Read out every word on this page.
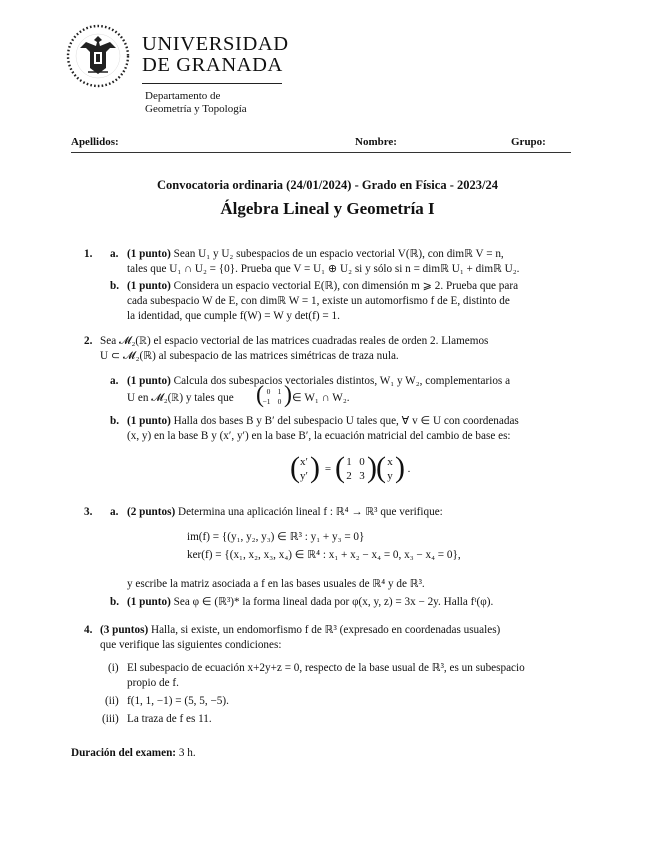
UNIVERSIDAD
DE GRANADA
Departamento de
Geometría y Topología
Apellidos:	Nombre:	Grupo:
Convocatoria ordinaria (24/01/2024) - Grado en Física - 2023/24
Álgebra Lineal y Geometría I
1. a. (1 punto) Sean U₁ y U₂ subespacios de un espacio vectorial V(ℝ), con dimℝ V = n,
tales que U₁ ∩ U₂ = {0}. Prueba que V = U₁ ⊕ U₂ si y sólo si n = dimℝ U₁ + dimℝ U₂.
b. (1 punto) Considera un espacio vectorial E(ℝ), con dimensión m ⩾ 2. Prueba que para
cada subespacio W de E, con dimℝ W = 1, existe un automorfismo f de E, distinto de
la identidad, que cumple f(W) = W y det(f) = 1.
2. Sea 𝓜₂(ℝ) el espacio vectorial de las matrices cuadradas reales de orden 2. Llamemos
U ⊂ 𝓜₂(ℝ) al subespacio de las matrices simétricas de traza nula.
a. (1 punto) Calcula dos subespacios vectoriales distintos, W₁ y W₂, complementarios a
U en 𝓜₂(ℝ) y tales que ( 0 1
−1 0 ) ∈ W₁ ∩ W₂.
b. (1 punto) Halla dos bases B y B′ del subespacio U tales que, ∀ v ∈ U con coordenadas
(x, y) en la base B y (x′, y′) en la base B′, la ecuación matricial del cambio de base es:
( x′
y′ ) = ( 1 0
2 3 ) ( x
y ) .
3. a. (2 puntos) Determina una aplicación lineal f : ℝ⁴ → ℝ³ que verifique:
im(f) = {(y₁, y₂, y₃) ∈ ℝ³ : y₁ + y₃ = 0}
ker(f) = {(x₁, x₂, x₃, x₄) ∈ ℝ⁴ : x₁ + x₂ − x₄ = 0, x₃ − x₄ = 0},
y escribe la matriz asociada a f en las bases usuales de ℝ⁴ y de ℝ³.
b. (1 punto) Sea φ ∈ (ℝ³)* la forma lineal dada por φ(x, y, z) = 3x − 2y. Halla fᵗ(φ).
4. (3 puntos) Halla, si existe, un endomorfismo f de ℝ³ (expresado en coordenadas usuales)
que verifique las siguientes condiciones:
(i) El subespacio de ecuación x+2y+z = 0, respecto de la base usual de ℝ³, es un subespacio
propio de f.
(ii) f(1, 1, −1) = (5, 5, −5).
(iii) La traza de f es 11.
Duración del examen: 3 h.
